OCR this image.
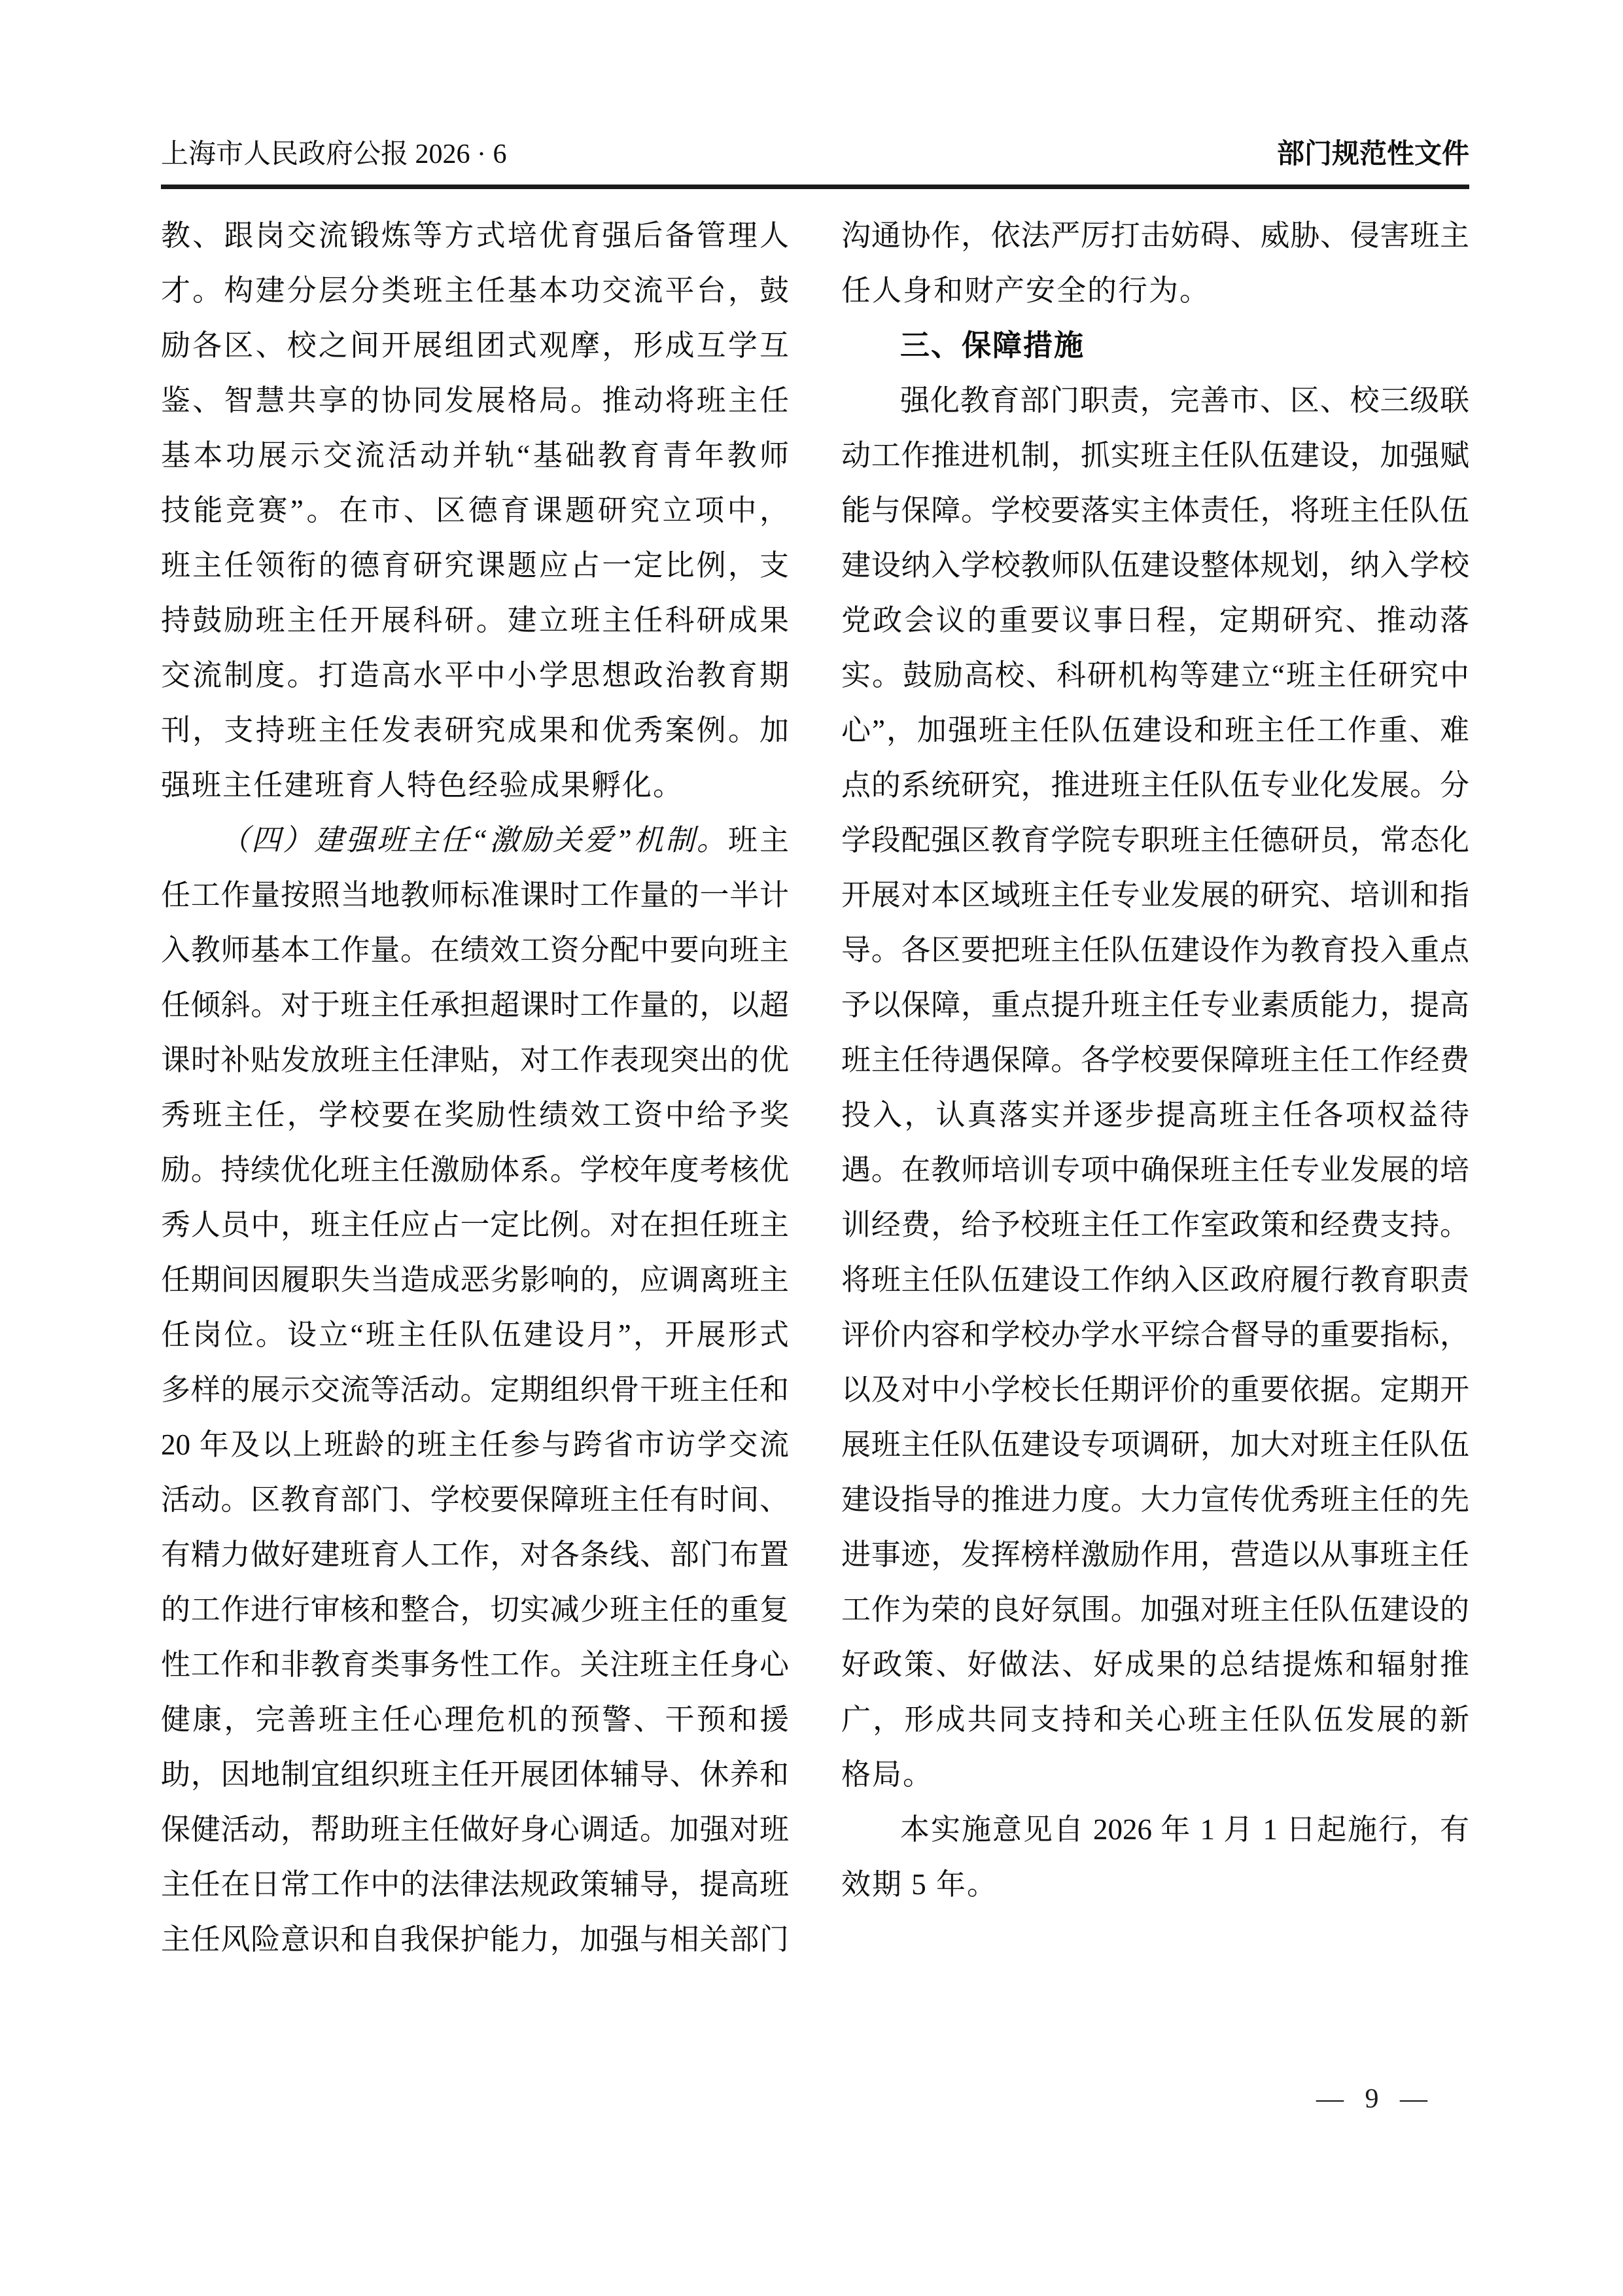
上海市人民政府公报 2026 · 6	部门规范性文件
教、跟岗交流锻炼等方式培优育强后备管理人
才。构建分层分类班主任基本功交流平台，鼓
励各区、校之间开展组团式观摩，形成互学互
鉴、智慧共享的协同发展格局。推动将班主任
基本功展示交流活动并轨“基础教育青年教师
技能竞赛”。在市、区德育课题研究立项中，
班主任领衔的德育研究课题应占一定比例，支
持鼓励班主任开展科研。建立班主任科研成果
交流制度。打造高水平中小学思想政治教育期
刊，支持班主任发表研究成果和优秀案例。加
强班主任建班育人特色经验成果孵化。
（四）建强班主任“激励关爱”机制。班主
任工作量按照当地教师标准课时工作量的一半计
入教师基本工作量。在绩效工资分配中要向班主
任倾斜。对于班主任承担超课时工作量的，以超
课时补贴发放班主任津贴，对工作表现突出的优
秀班主任，学校要在奖励性绩效工资中给予奖
励。持续优化班主任激励体系。学校年度考核优
秀人员中，班主任应占一定比例。对在担任班主
任期间因履职失当造成恶劣影响的，应调离班主
任岗位。设立“班主任队伍建设月”，开展形式
多样的展示交流等活动。定期组织骨干班主任和
20 年及以上班龄的班主任参与跨省市访学交流
活动。区教育部门、学校要保障班主任有时间、
有精力做好建班育人工作，对各条线、部门布置
的工作进行审核和整合，切实减少班主任的重复
性工作和非教育类事务性工作。关注班主任身心
健康，完善班主任心理危机的预警、干预和援
助，因地制宜组织班主任开展团体辅导、休养和
保健活动，帮助班主任做好身心调适。加强对班
主任在日常工作中的法律法规政策辅导，提高班
主任风险意识和自我保护能力，加强与相关部门
沟通协作，依法严厉打击妨碍、威胁、侵害班主
任人身和财产安全的行为。
三、保障措施
强化教育部门职责，完善市、区、校三级联
动工作推进机制，抓实班主任队伍建设，加强赋
能与保障。学校要落实主体责任，将班主任队伍
建设纳入学校教师队伍建设整体规划，纳入学校
党政会议的重要议事日程，定期研究、推动落
实。鼓励高校、科研机构等建立“班主任研究中
心”，加强班主任队伍建设和班主任工作重、难
点的系统研究，推进班主任队伍专业化发展。分
学段配强区教育学院专职班主任德研员，常态化
开展对本区域班主任专业发展的研究、培训和指
导。各区要把班主任队伍建设作为教育投入重点
予以保障，重点提升班主任专业素质能力，提高
班主任待遇保障。各学校要保障班主任工作经费
投入，认真落实并逐步提高班主任各项权益待
遇。在教师培训专项中确保班主任专业发展的培
训经费，给予校班主任工作室政策和经费支持。
将班主任队伍建设工作纳入区政府履行教育职责
评价内容和学校办学水平综合督导的重要指标，
以及对中小学校长任期评价的重要依据。定期开
展班主任队伍建设专项调研，加大对班主任队伍
建设指导的推进力度。大力宣传优秀班主任的先
进事迹，发挥榜样激励作用，营造以从事班主任
工作为荣的良好氛围。加强对班主任队伍建设的
好政策、好做法、好成果的总结提炼和辐射推
广，形成共同支持和关心班主任队伍发展的新
格局。
本实施意见自 2026 年 1 月 1 日起施行，有
效期 5 年。
— 9 —
